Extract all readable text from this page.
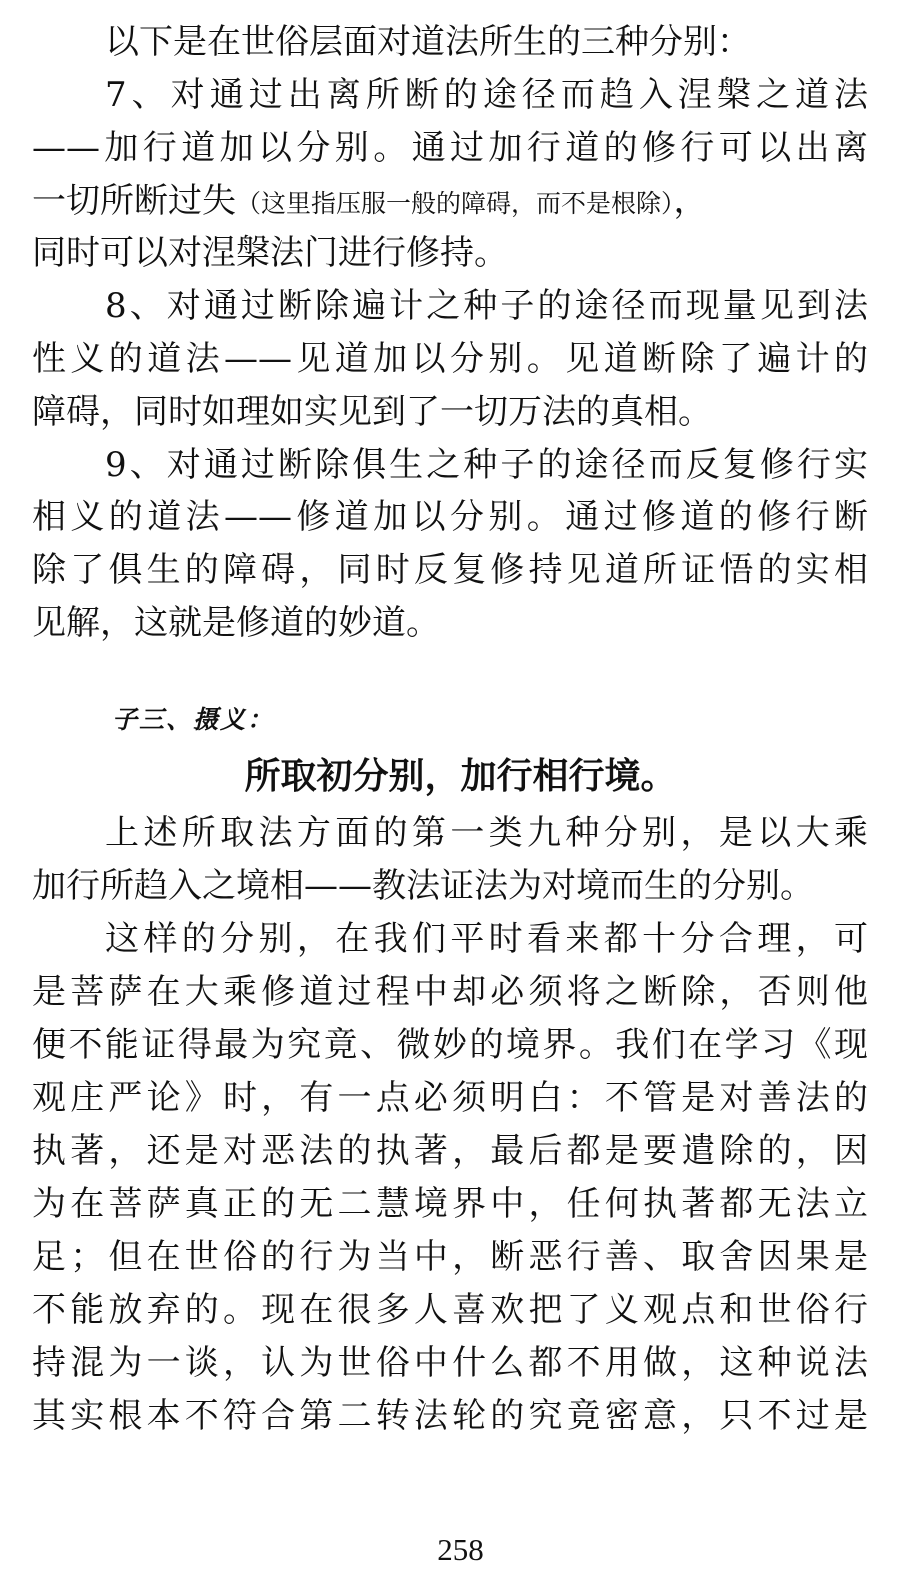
以下是在世俗层面对道法所生的三种分别：
7、对通过出离所断的途径而趋入涅槃之道法
——加行道加以分别。通过加行道的修行可以出离
一切所断过失（这里指压服一般的障碍，而不是根除），
同时可以对涅槃法门进行修持。
8、对通过断除遍计之种子的途径而现量见到法
性义的道法——见道加以分别。见道断除了遍计的
障碍，同时如理如实见到了一切万法的真相。
9、对通过断除俱生之种子的途径而反复修行实
相义的道法——修道加以分别。通过修道的修行断
除了俱生的障碍，同时反复修持见道所证悟的实相
见解，这就是修道的妙道。
子三、摄义：
所取初分别，加行相行境。
上述所取法方面的第一类九种分别，是以大乘
加行所趋入之境相——教法证法为对境而生的分别。
这样的分别，在我们平时看来都十分合理，可
是菩萨在大乘修道过程中却必须将之断除，否则他
便不能证得最为究竟、微妙的境界。我们在学习《现
观庄严论》时，有一点必须明白：不管是对善法的
执著，还是对恶法的执著，最后都是要遣除的，因
为在菩萨真正的无二慧境界中，任何执著都无法立
足；但在世俗的行为当中，断恶行善、取舍因果是
不能放弃的。现在很多人喜欢把了义观点和世俗行
持混为一谈，认为世俗中什么都不用做，这种说法
其实根本不符合第二转法轮的究竟密意，只不过是
258
